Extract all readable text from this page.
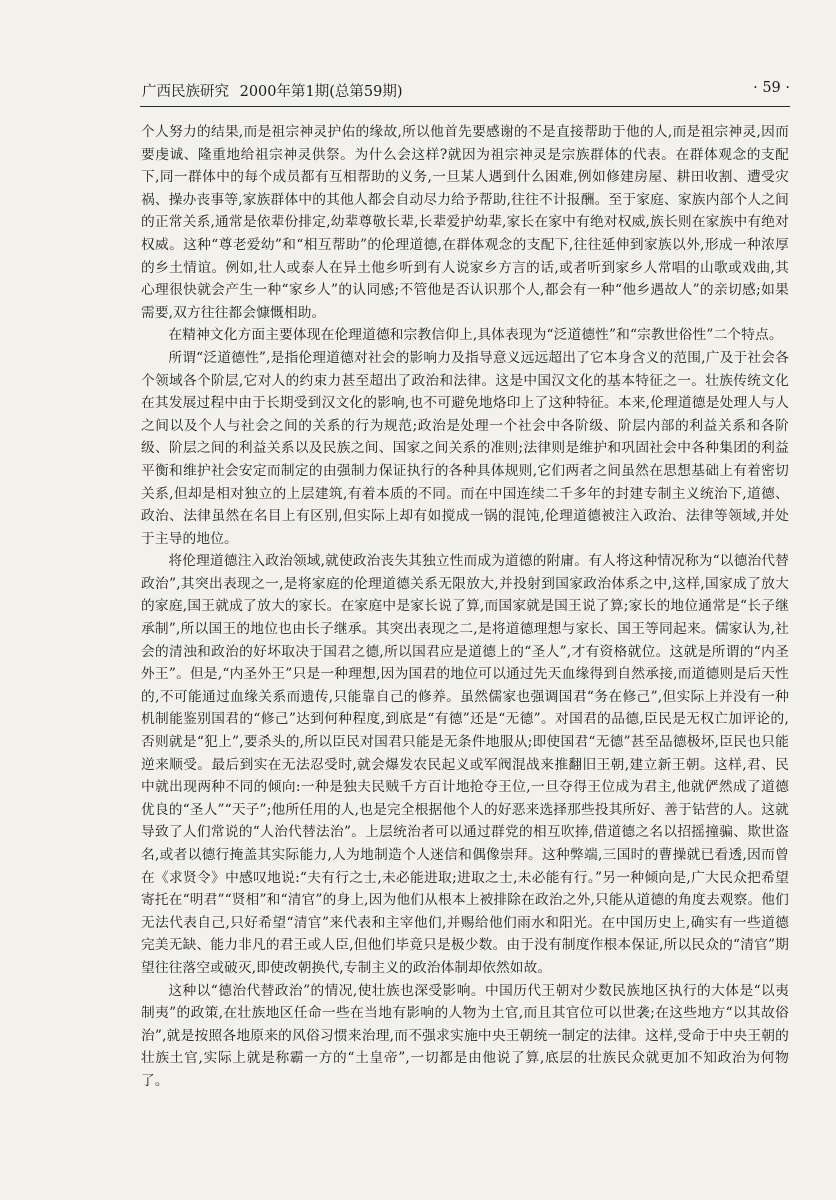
广西民族研究 2000年第1期(总第59期)	· 59 ·

个人努力的结果,而是祖宗神灵护佑的缘故,所以他首先要感谢的不是直接帮助于他的人,而是祖宗神灵,因而要虔诚、隆重地给祖宗神灵供祭。为什么会这样?就因为祖宗神灵是宗族群体的代表。在群体观念的支配下,同一群体中的每个成员都有互相帮助的义务,一旦某人遇到什么困难,例如修建房屋、耕田收割、遭受灾祸、操办丧事等,家族群体中的其他人都会自动尽力给予帮助,往往不计报酬。至于家庭、家族内部个人之间的正常关系,通常是依辈份排定,幼辈尊敬长辈,长辈爱护幼辈,家长在家中有绝对权威,族长则在家族中有绝对权威。这种“尊老爱幼”和“相互帮助”的伦理道德,在群体观念的支配下,往往延伸到家族以外,形成一种浓厚的乡土情谊。例如,壮人或泰人在异土他乡听到有人说家乡方言的话,或者听到家乡人常唱的山歌或戏曲,其心理很快就会产生一种“家乡人”的认同感;不管他是否认识那个人,都会有一种“他乡遇故人”的亲切感;如果需要,双方往往都会慷慨相助。

在精神文化方面主要体现在伦理道德和宗教信仰上,具体表现为“泛道德性”和“宗教世俗性”二个特点。

所谓“泛道德性”,是指伦理道德对社会的影响力及指导意义远远超出了它本身含义的范围,广及于社会各个领域各个阶层,它对人的约束力甚至超出了政治和法律。这是中国汉文化的基本特征之一。壮族传统文化在其发展过程中由于长期受到汉文化的影响,也不可避免地烙印上了这种特征。本来,伦理道德是处理人与人之间以及个人与社会之间的关系的行为规范;政治是处理一个社会中各阶级、阶层内部的利益关系和各阶级、阶层之间的利益关系以及民族之间、国家之间关系的准则;法律则是维护和巩固社会中各种集团的利益平衡和维护社会安定而制定的由强制力保证执行的各种具体规则,它们两者之间虽然在思想基础上有着密切关系,但却是相对独立的上层建筑,有着本质的不同。而在中国连续二千多年的封建专制主义统治下,道德、政治、法律虽然在名目上有区别,但实际上却有如搅成一锅的混饨,伦理道德被注入政治、法律等领域,并处于主导的地位。

将伦理道德注入政治领域,就使政治丧失其独立性而成为道德的附庸。有人将这种情况称为“以德治代替政治”,其突出表现之一,是将家庭的伦理道德关系无限放大,并投射到国家政治体系之中,这样,国家成了放大的家庭,国王就成了放大的家长。在家庭中是家长说了算,而国家就是国王说了算;家长的地位通常是“长子继承制”,所以国王的地位也由长子继承。其突出表现之二,是将道德理想与家长、国王等同起来。儒家认为,社会的清浊和政治的好坏取决于国君之德,所以国君应是道德上的“圣人”,才有资格就位。这就是所谓的“内圣外王”。但是,“内圣外王”只是一种理想,因为国君的地位可以通过先天血缘得到自然承接,而道德则是后天性的,不可能通过血缘关系而遗传,只能靠自己的修养。虽然儒家也强调国君“务在修己”,但实际上并没有一种机制能鉴别国君的“修己”达到何种程度,到底是“有德”还是“无德”。对国君的品德,臣民是无权亡加评论的,否则就是“犯上”,要杀头的,所以臣民对国君只能是无条件地服从;即使国君“无德”甚至品德极坏,臣民也只能逆来顺受。最后到实在无法忍受时,就会爆发农民起义或军阀混战来推翻旧王朝,建立新王朝。这样,君、民中就出现两种不同的倾向:一种是独夫民贼千方百计地抢夺王位,一旦夺得王位成为君主,他就俨然成了道德优良的“圣人”“天子”;他所任用的人,也是完全根据他个人的好恶来选择那些投其所好、善于钻营的人。这就导致了人们常说的“人治代替法治”。上层统治者可以通过群党的相互吹捧,借道德之名以招摇撞骗、欺世盗名,或者以德行掩盖其实际能力,人为地制造个人迷信和偶像崇拜。这种弊端,三国时的曹操就已看透,因而曾在《求贤令》中感叹地说:“夫有行之士,未必能进取;进取之士,未必能有行。”另一种倾向是,广大民众把希望寄托在“明君”“贤相”和“清官”的身上,因为他们从根本上被排除在政治之外,只能从道德的角度去观察。他们无法代表自己,只好希望“清官”来代表和主宰他们,并赐给他们雨水和阳光。在中国历史上,确实有一些道德完美无缺、能力非凡的君王或人臣,但他们毕竟只是极少数。由于没有制度作根本保证,所以民众的“清官”期望往往落空或破灭,即使改朝换代,专制主义的政治体制却依然如故。

这种以“德治代替政治”的情况,使壮族也深受影响。中国历代王朝对少数民族地区执行的大体是“以夷制夷”的政策,在壮族地区任命一些在当地有影响的人物为土官,而且其官位可以世袭;在这些地方“以其故俗治”,就是按照各地原来的风俗习惯来治理,而不强求实施中央王朝统一制定的法律。这样,受命于中央王朝的壮族土官,实际上就是称霸一方的“土皇帝”,一切都是由他说了算,底层的壮族民众就更加不知政治为何物了。
